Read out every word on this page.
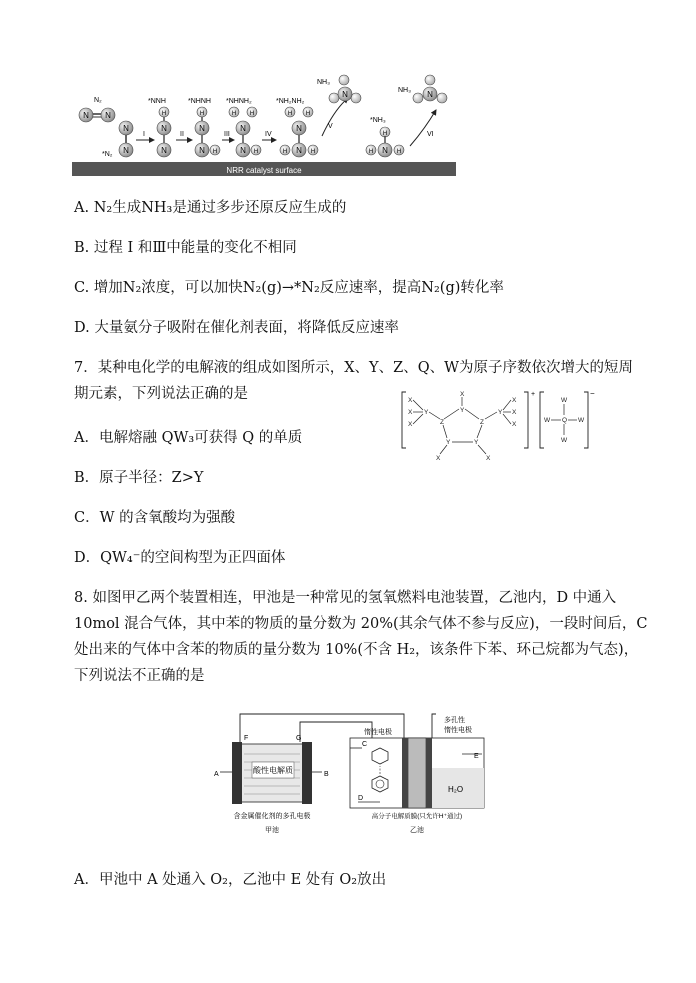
NRR catalyst surface
N N
N₂
N
N
*N₂
I
*NNH
H
N
N
II
*NHNH
H
N
N H
III
*NHNH₂
H H
N
N H
IV
*NH₂NH₂
H H
N
N
H	H
V
NH₃
N
*NH₃
H
N
H	H
VI
NH₃ N
A. N₂生成NH₃是通过多步还原反应生成的
B. 过程 I 和Ⅲ中能量的变化不相同
C. 增加N₂浓度，可以加快N₂(g)→*N₂反应速率，提高N₂(g)转化率
D. 大量氨分子吸附在催化剂表面，将降低反应速率
7．某种电化学的电解液的组成如图所示，X、Y、Z、Q、W为原子序数依次增大的短周
期元素，下列说法正确的是
A．电解熔融 QW₃可获得 Q 的单质
B．原子半径：Z>Y
C．W 的含氧酸均为强酸
D．QW₄⁻的空间构型为正四面体
+
X
X
X
Y
Z
Y
Z
Y	Y
X
Y
X
X
X
X	X
−
W
W Q W
W
8. 如图甲乙两个装置相连，甲池是一种常见的氢氧燃料电池装置，乙池内，D 中通入
10mol 混合气体，其中苯的物质的量分数为 20%(其余气体不参与反应)，一段时间后，C
处出来的气体中含苯的物质的量分数为 10%(不含 H₂，该条件下苯、环己烷都为气态)，
下列说法不正确的是
酸性电解质
F	G
A	B
含金属催化剂的多孔电极
甲池
H₂O
C
D
E
惰性电极
多孔性
惰性电极
高分子电解质膜(只允许H⁺通过)
乙池
A．甲池中 A 处通入 O₂，乙池中 E 处有 O₂放出
